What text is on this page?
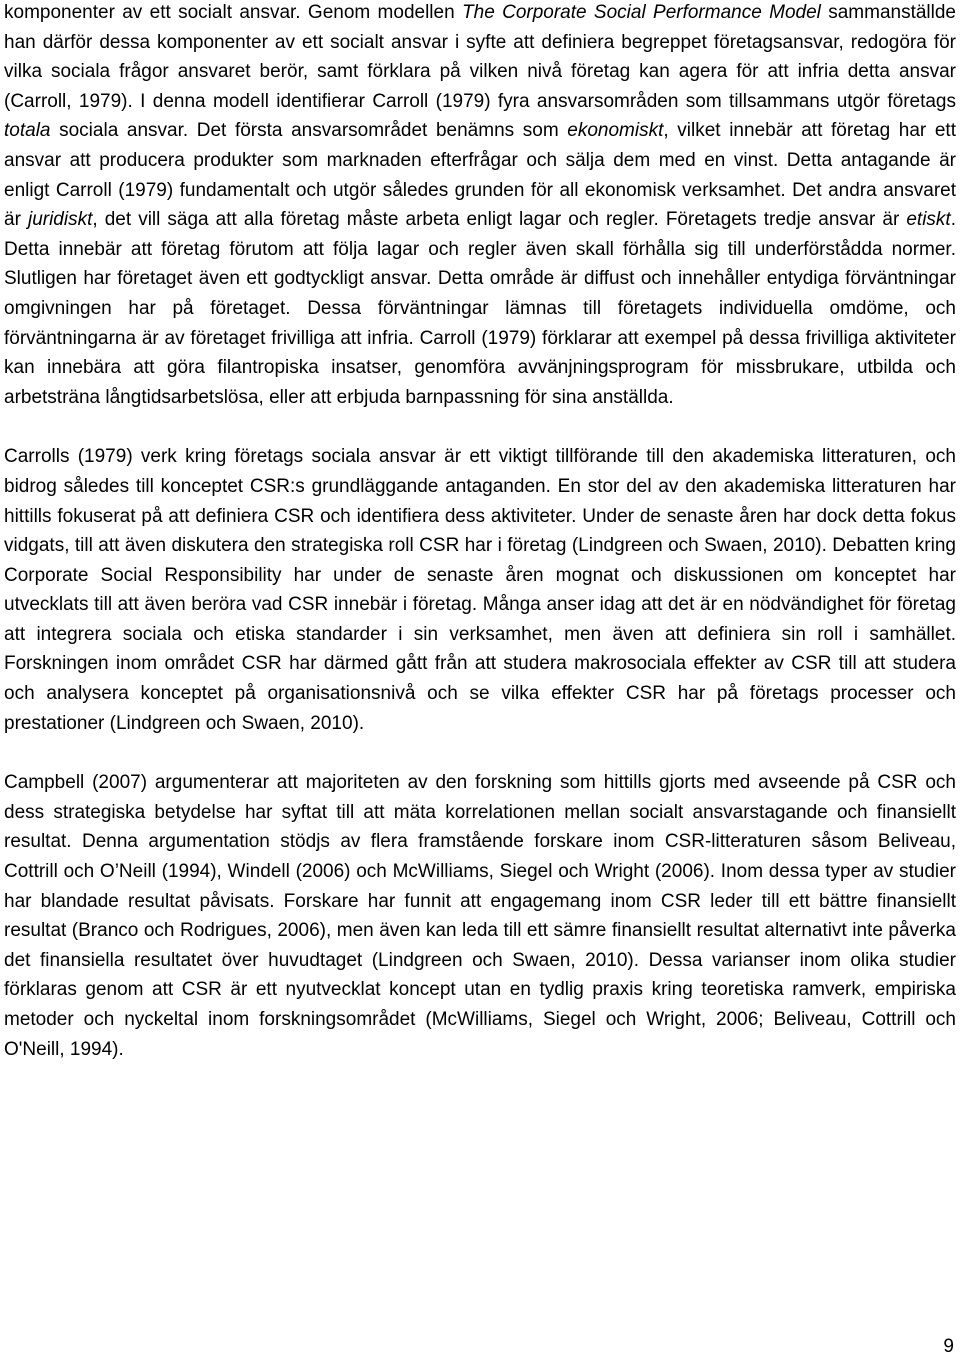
komponenter av ett socialt ansvar. Genom modellen The Corporate Social Performance Model sammanställde han därför dessa komponenter av ett socialt ansvar i syfte att definiera begreppet företagsansvar, redogöra för vilka sociala frågor ansvaret berör, samt förklara på vilken nivå företag kan agera för att infria detta ansvar (Carroll, 1979). I denna modell identifierar Carroll (1979) fyra ansvarsområden som tillsammans utgör företags totala sociala ansvar. Det första ansvarsområdet benämns som ekonomiskt, vilket innebär att företag har ett ansvar att producera produkter som marknaden efterfrågar och sälja dem med en vinst. Detta antagande är enligt Carroll (1979) fundamentalt och utgör således grunden för all ekonomisk verksamhet. Det andra ansvaret är juridiskt, det vill säga att alla företag måste arbeta enligt lagar och regler. Företagets tredje ansvar är etiskt. Detta innebär att företag förutom att följa lagar och regler även skall förhålla sig till underförstådda normer. Slutligen har företaget även ett godtyckligt ansvar. Detta område är diffust och innehåller entydiga förväntningar omgivningen har på företaget. Dessa förväntningar lämnas till företagets individuella omdöme, och förväntningarna är av företaget frivilliga att infria. Carroll (1979) förklarar att exempel på dessa frivilliga aktiviteter kan innebära att göra filantropiska insatser, genomföra avvänjningsprogram för missbrukare, utbilda och arbetsträna långtidsarbetslösa, eller att erbjuda barnpassning för sina anställda.

Carrolls (1979) verk kring företags sociala ansvar är ett viktigt tillförande till den akademiska litteraturen, och bidrog således till konceptet CSR:s grundläggande antaganden. En stor del av den akademiska litteraturen har hittills fokuserat på att definiera CSR och identifiera dess aktiviteter. Under de senaste åren har dock detta fokus vidgats, till att även diskutera den strategiska roll CSR har i företag (Lindgreen och Swaen, 2010). Debatten kring Corporate Social Responsibility har under de senaste åren mognat och diskussionen om konceptet har utvecklats till att även beröra vad CSR innebär i företag. Många anser idag att det är en nödvändighet för företag att integrera sociala och etiska standarder i sin verksamhet, men även att definiera sin roll i samhället. Forskningen inom området CSR har därmed gått från att studera makrosociala effekter av CSR till att studera och analysera konceptet på organisationsnivå och se vilka effekter CSR har på företags processer och prestationer (Lindgreen och Swaen, 2010).

Campbell (2007) argumenterar att majoriteten av den forskning som hittills gjorts med avseende på CSR och dess strategiska betydelse har syftat till att mäta korrelationen mellan socialt ansvarstagande och finansiellt resultat. Denna argumentation stödjs av flera framstående forskare inom CSR-litteraturen såsom Beliveau, Cottrill och O’Neill (1994), Windell (2006) och McWilliams, Siegel och Wright (2006). Inom dessa typer av studier har blandade resultat påvisats. Forskare har funnit att engagemang inom CSR leder till ett bättre finansiellt resultat (Branco och Rodrigues, 2006), men även kan leda till ett sämre finansiellt resultat alternativt inte påverka det finansiella resultatet över huvudtaget (Lindgreen och Swaen, 2010). Dessa varianser inom olika studier förklaras genom att CSR är ett nyutvecklat koncept utan en tydlig praxis kring teoretiska ramverk, empiriska metoder och nyckeltal inom forskningsområdet (McWilliams, Siegel och Wright, 2006; Beliveau, Cottrill och O'Neill, 1994).

9
